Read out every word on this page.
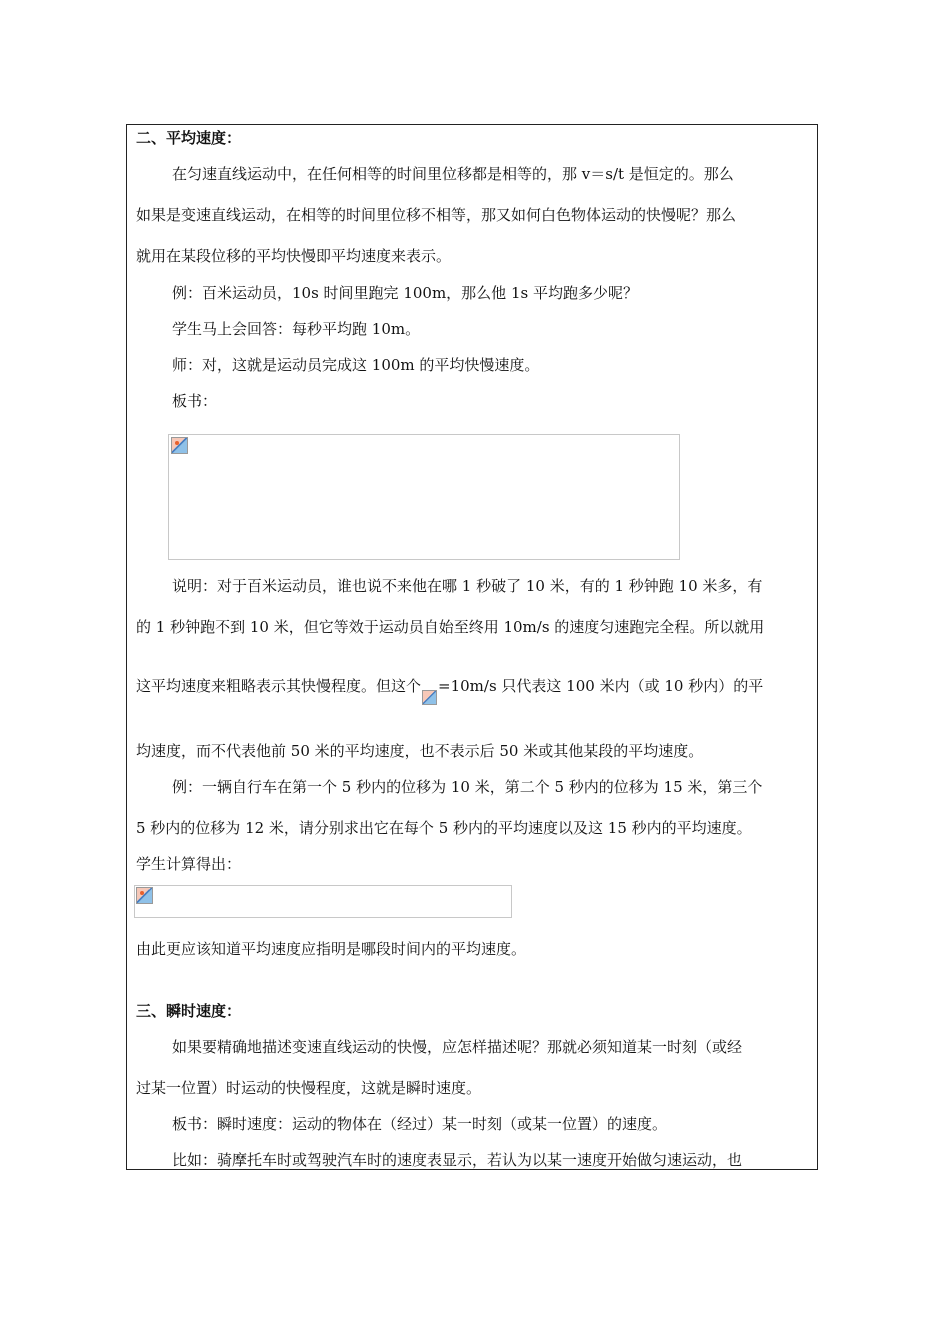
二、平均速度：
在匀速直线运动中，在任何相等的时间里位移都是相等的，那 v＝s/t 是恒定的。那么
如果是变速直线运动，在相等的时间里位移不相等，那又如何白色物体运动的快慢呢？那么
就用在某段位移的平均快慢即平均速度来表示。
例：百米运动员，10s 时间里跑完 100m，那么他 1s 平均跑多少呢？
学生马上会回答：每秒平均跑 10m。
师：对，这就是运动员完成这 100m 的平均快慢速度。
板书：
说明：对于百米运动员，谁也说不来他在哪 1 秒破了 10 米，有的 1 秒钟跑 10 米多，有
的 1 秒钟跑不到 10 米，但它等效于运动员自始至终用 10m/s 的速度匀速跑完全程。所以就用
这平均速度来粗略表示其快慢程度。但这个 =10m/s 只代表这 100 米内（或 10 秒内）的平
均速度，而不代表他前 50 米的平均速度，也不表示后 50 米或其他某段的平均速度。
例：一辆自行车在第一个 5 秒内的位移为 10 米，第二个 5 秒内的位移为 15 米，第三个
5 秒内的位移为 12 米，请分别求出它在每个 5 秒内的平均速度以及这 15 秒内的平均速度。
学生计算得出：
由此更应该知道平均速度应指明是哪段时间内的平均速度。
三、瞬时速度：
如果要精确地描述变速直线运动的快慢，应怎样描述呢？那就必须知道某一时刻（或经
过某一位置）时运动的快慢程度，这就是瞬时速度。
板书：瞬时速度：运动的物体在（经过）某一时刻（或某一位置）的速度。
比如：骑摩托车时或驾驶汽车时的速度表显示，若认为以某一速度开始做匀速运动，也
